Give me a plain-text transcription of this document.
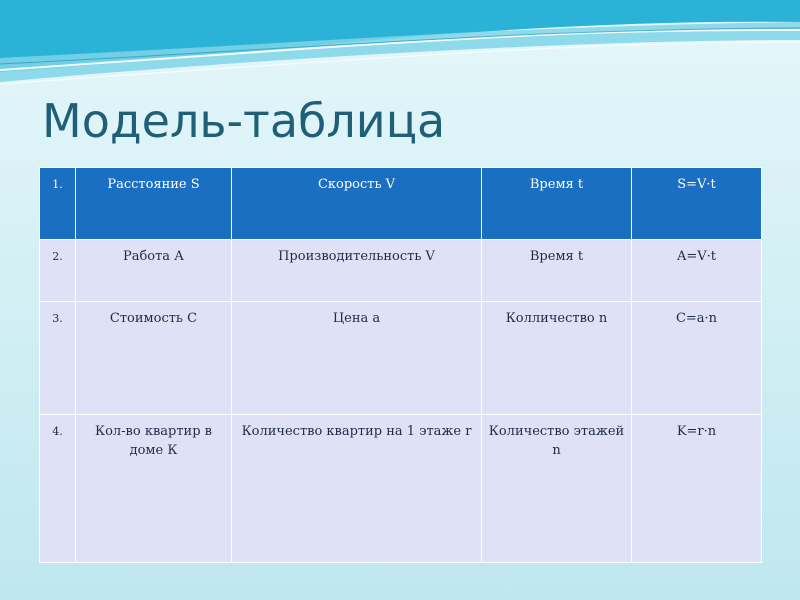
Модель-таблица
1.	Расстояние S	Скорость V	Время t	S=V·t
2.	Работа А	Производительность V	Время t	A=V·t
3.	Стоимость С	Цена а	Колличество n	C=a·n
4.	Кол-во квартир в доме К	Количество квартир на 1 этаже r	Количество этажей n	K=r·n
